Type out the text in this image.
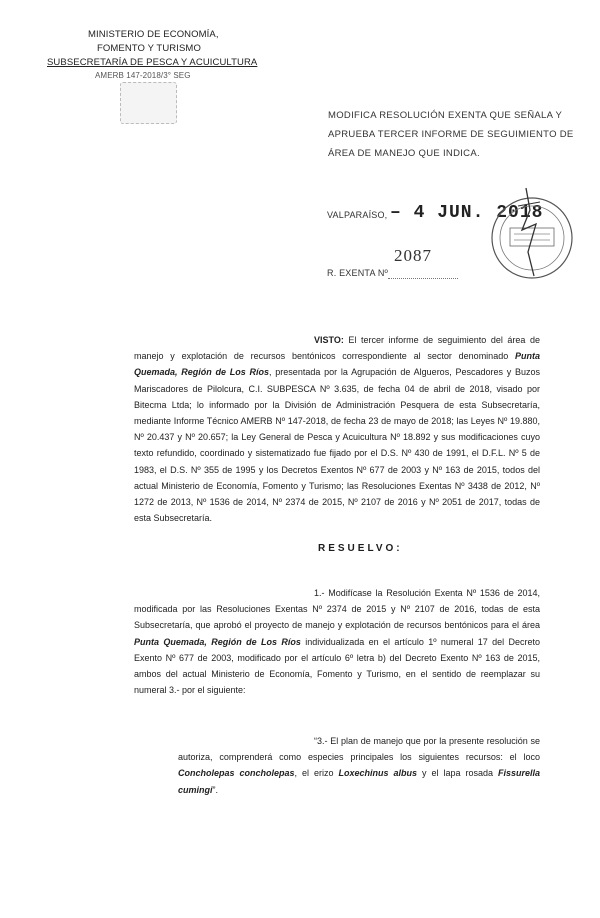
MINISTERIO DE ECONOMÍA,
FOMENTO Y TURISMO
SUBSECRETARÍA DE PESCA Y ACUICULTURA
AMERB 147-2018/3° SEG
MODIFICA RESOLUCIÓN EXENTA QUE SEÑALA Y APRUEBA TERCER INFORME DE SEGUIMIENTO DE ÁREA DE MANEJO QUE INDICA.
VALPARAÍSO, – 4 JUN. 2018
R. EXENTA Nº
2087
VISTO: El tercer informe de seguimiento del área de manejo y explotación de recursos bentónicos correspondiente al sector denominado Punta Quemada, Región de Los Ríos, presentada por la Agrupación de Algueros, Pescadores y Buzos Mariscadores de Pilolcura, C.I. SUBPESCA Nº 3.635, de fecha 04 de abril de 2018, visado por Bitecma Ltda; lo informado por la División de Administración Pesquera de esta Subsecretaría, mediante Informe Técnico AMERB Nº 147-2018, de fecha 23 de mayo de 2018; las Leyes Nº 19.880, Nº 20.437 y Nº 20.657; la Ley General de Pesca y Acuicultura Nº 18.892 y sus modificaciones cuyo texto refundido, coordinado y sistematizado fue fijado por el D.S. Nº 430 de 1991, el D.F.L. Nº 5 de 1983, el D.S. Nº 355 de 1995 y los Decretos Exentos Nº 677 de 2003 y Nº 163 de 2015, todos del actual Ministerio de Economía, Fomento y Turismo; las Resoluciones Exentas Nº 3438 de 2012, Nº 1272 de 2013, Nº 1536 de 2014, Nº 2374 de 2015, Nº 2107 de 2016 y Nº 2051 de 2017, todas de esta Subsecretaría.
RESUELVO:
1.- Modifícase la Resolución Exenta Nº 1536 de 2014, modificada por las Resoluciones Exentas Nº 2374 de 2015 y Nº 2107 de 2016, todas de esta Subsecretaría, que aprobó el proyecto de manejo y explotación de recursos bentónicos para el área Punta Quemada, Región de Los Ríos individualizada en el artículo 1º numeral 17 del Decreto Exento Nº 677 de 2003, modificado por el artículo 6º letra b) del Decreto Exento Nº 163 de 2015, ambos del actual Ministerio de Economía, Fomento y Turismo, en el sentido de reemplazar su numeral 3.- por el siguiente:
“3.- El plan de manejo que por la presente resolución se autoriza, comprenderá como especies principales los siguientes recursos: el loco Concholepas concholepas, el erizo Loxechinus albus y el lapa rosada Fissurella cumingi”.
